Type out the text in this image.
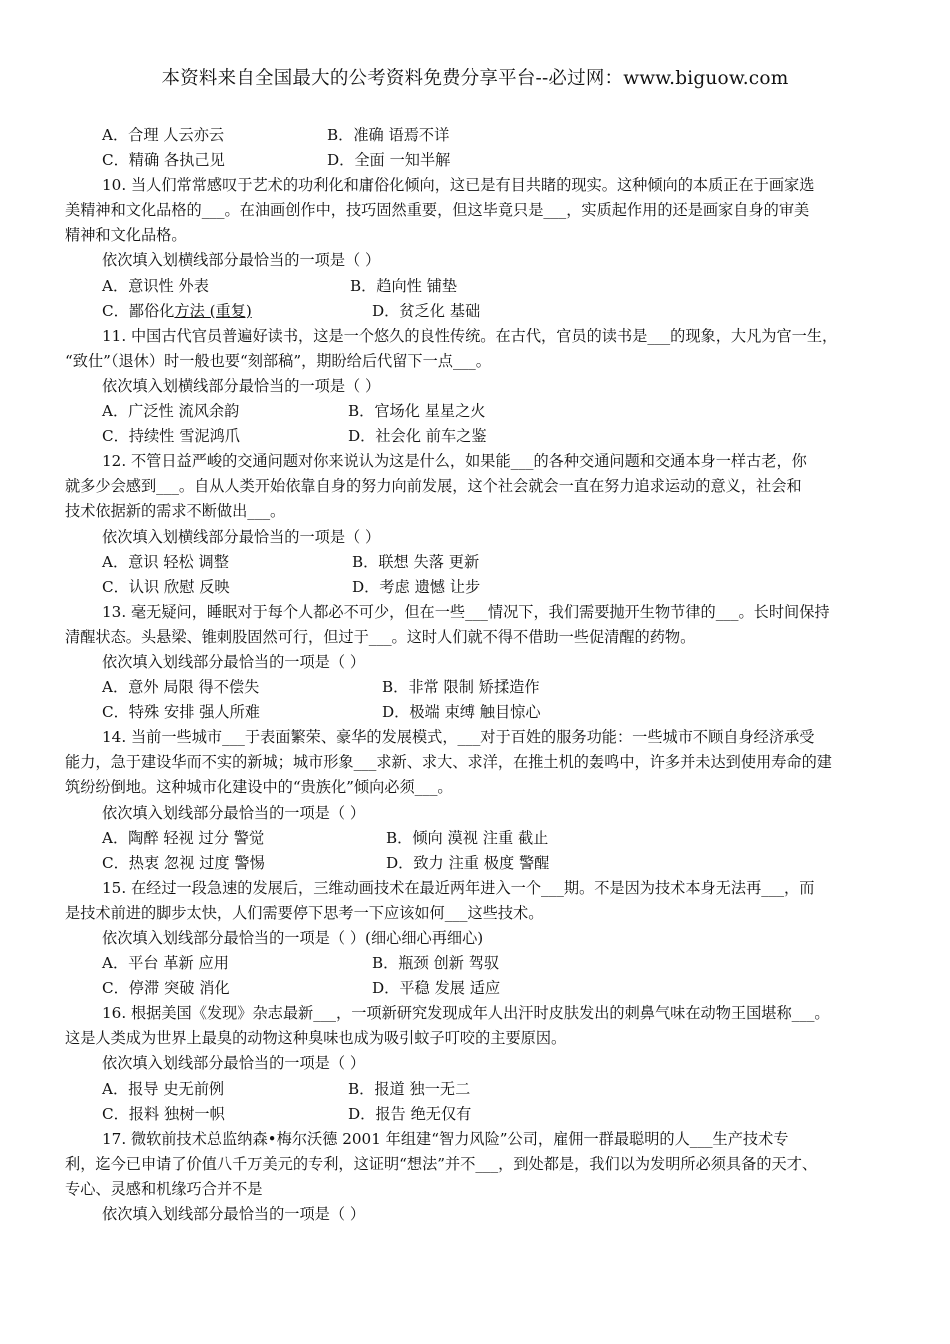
本资料来自全国最大的公考资料免费分享平台--必过网：www.biguow.com
A．合理 人云亦云	B．准确 语焉不详
C．精确 各执己见	D．全面 一知半解
10. 当人们常常感叹于艺术的功利化和庸俗化倾向，这已是有目共睹的现实。这种倾向的本质正在于画家选
美精神和文化品格的___。在油画创作中，技巧固然重要，但这毕竟只是___，实质起作用的还是画家自身的审美
精神和文化品格。
依次填入划横线部分最恰当的一项是（ ）
A．意识性 外表	B．趋向性 铺垫
C．鄙俗化方法 (重复)	D．贫乏化 基础
11. 中国古代官员普遍好读书，这是一个悠久的良性传统。在古代，官员的读书是___的现象，大凡为官一生，
“致仕”（退休）时一般也要“刻部稿”，期盼给后代留下一点___。
依次填入划横线部分最恰当的一项是（ ）
A．广泛性 流风余韵	B．官场化 星星之火
C．持续性 雪泥鸿爪	D．社会化 前车之鉴
12. 不管日益严峻的交通问题对你来说认为这是什么，如果能___的各种交通问题和交通本身一样古老，你
就多少会感到___。自从人类开始依靠自身的努力向前发展，这个社会就会一直在努力追求运动的意义，社会和
技术依据新的需求不断做出___。
依次填入划横线部分最恰当的一项是（ ）
A．意识 轻松 调整	B．联想 失落 更新
C．认识 欣慰 反映	D．考虑 遗憾 让步
13. 毫无疑问，睡眠对于每个人都必不可少，但在一些___情况下，我们需要抛开生物节律的___。长时间保持
清醒状态。头悬梁、锥刺股固然可行，但过于___。这时人们就不得不借助一些促清醒的药物。
依次填入划线部分最恰当的一项是（ ）
A．意外 局限 得不偿失	B．非常 限制 矫揉造作
C．特殊 安排 强人所难	D．极端 束缚 触目惊心
14. 当前一些城市___于表面繁荣、豪华的发展模式，___对于百姓的服务功能：一些城市不顾自身经济承受
能力，急于建设华而不实的新城；城市形象___求新、求大、求洋，在推土机的轰鸣中，许多并未达到使用寿命的建
筑纷纷倒地。这种城市化建设中的“贵族化”倾向必须___。
依次填入划线部分最恰当的一项是（ ）
A．陶醉 轻视 过分 警觉	B．倾向 漠视 注重 截止
C．热衷 忽视 过度 警惕	D．致力 注重 极度 警醒
15. 在经过一段急速的发展后，三维动画技术在最近两年进入一个___期。不是因为技术本身无法再___，而
是技术前进的脚步太快，人们需要停下思考一下应该如何___这些技术。
依次填入划线部分最恰当的一项是（ ）(细心细心再细心)
A．平台 革新 应用	B．瓶颈 创新 驾驭
C．停滞 突破 消化	D．平稳 发展 适应
16. 根据美国《发现》杂志最新___，一项新研究发现成年人出汗时皮肤发出的刺鼻气味在动物王国堪称___。
这是人类成为世界上最臭的动物这种臭味也成为吸引蚊子叮咬的主要原因。
依次填入划线部分最恰当的一项是（ ）
A．报导 史无前例	B．报道 独一无二
C．报料 独树一帜	D．报告 绝无仅有
17. 微软前技术总监纳森•梅尔沃德 2001 年组建“智力风险”公司，雇佣一群最聪明的人___生产技术专
利，迄今已申请了价值八千万美元的专利，这证明“想法”并不___，到处都是，我们以为发明所必须具备的天才、
专心、灵感和机缘巧合并不是
依次填入划线部分最恰当的一项是（ ）
